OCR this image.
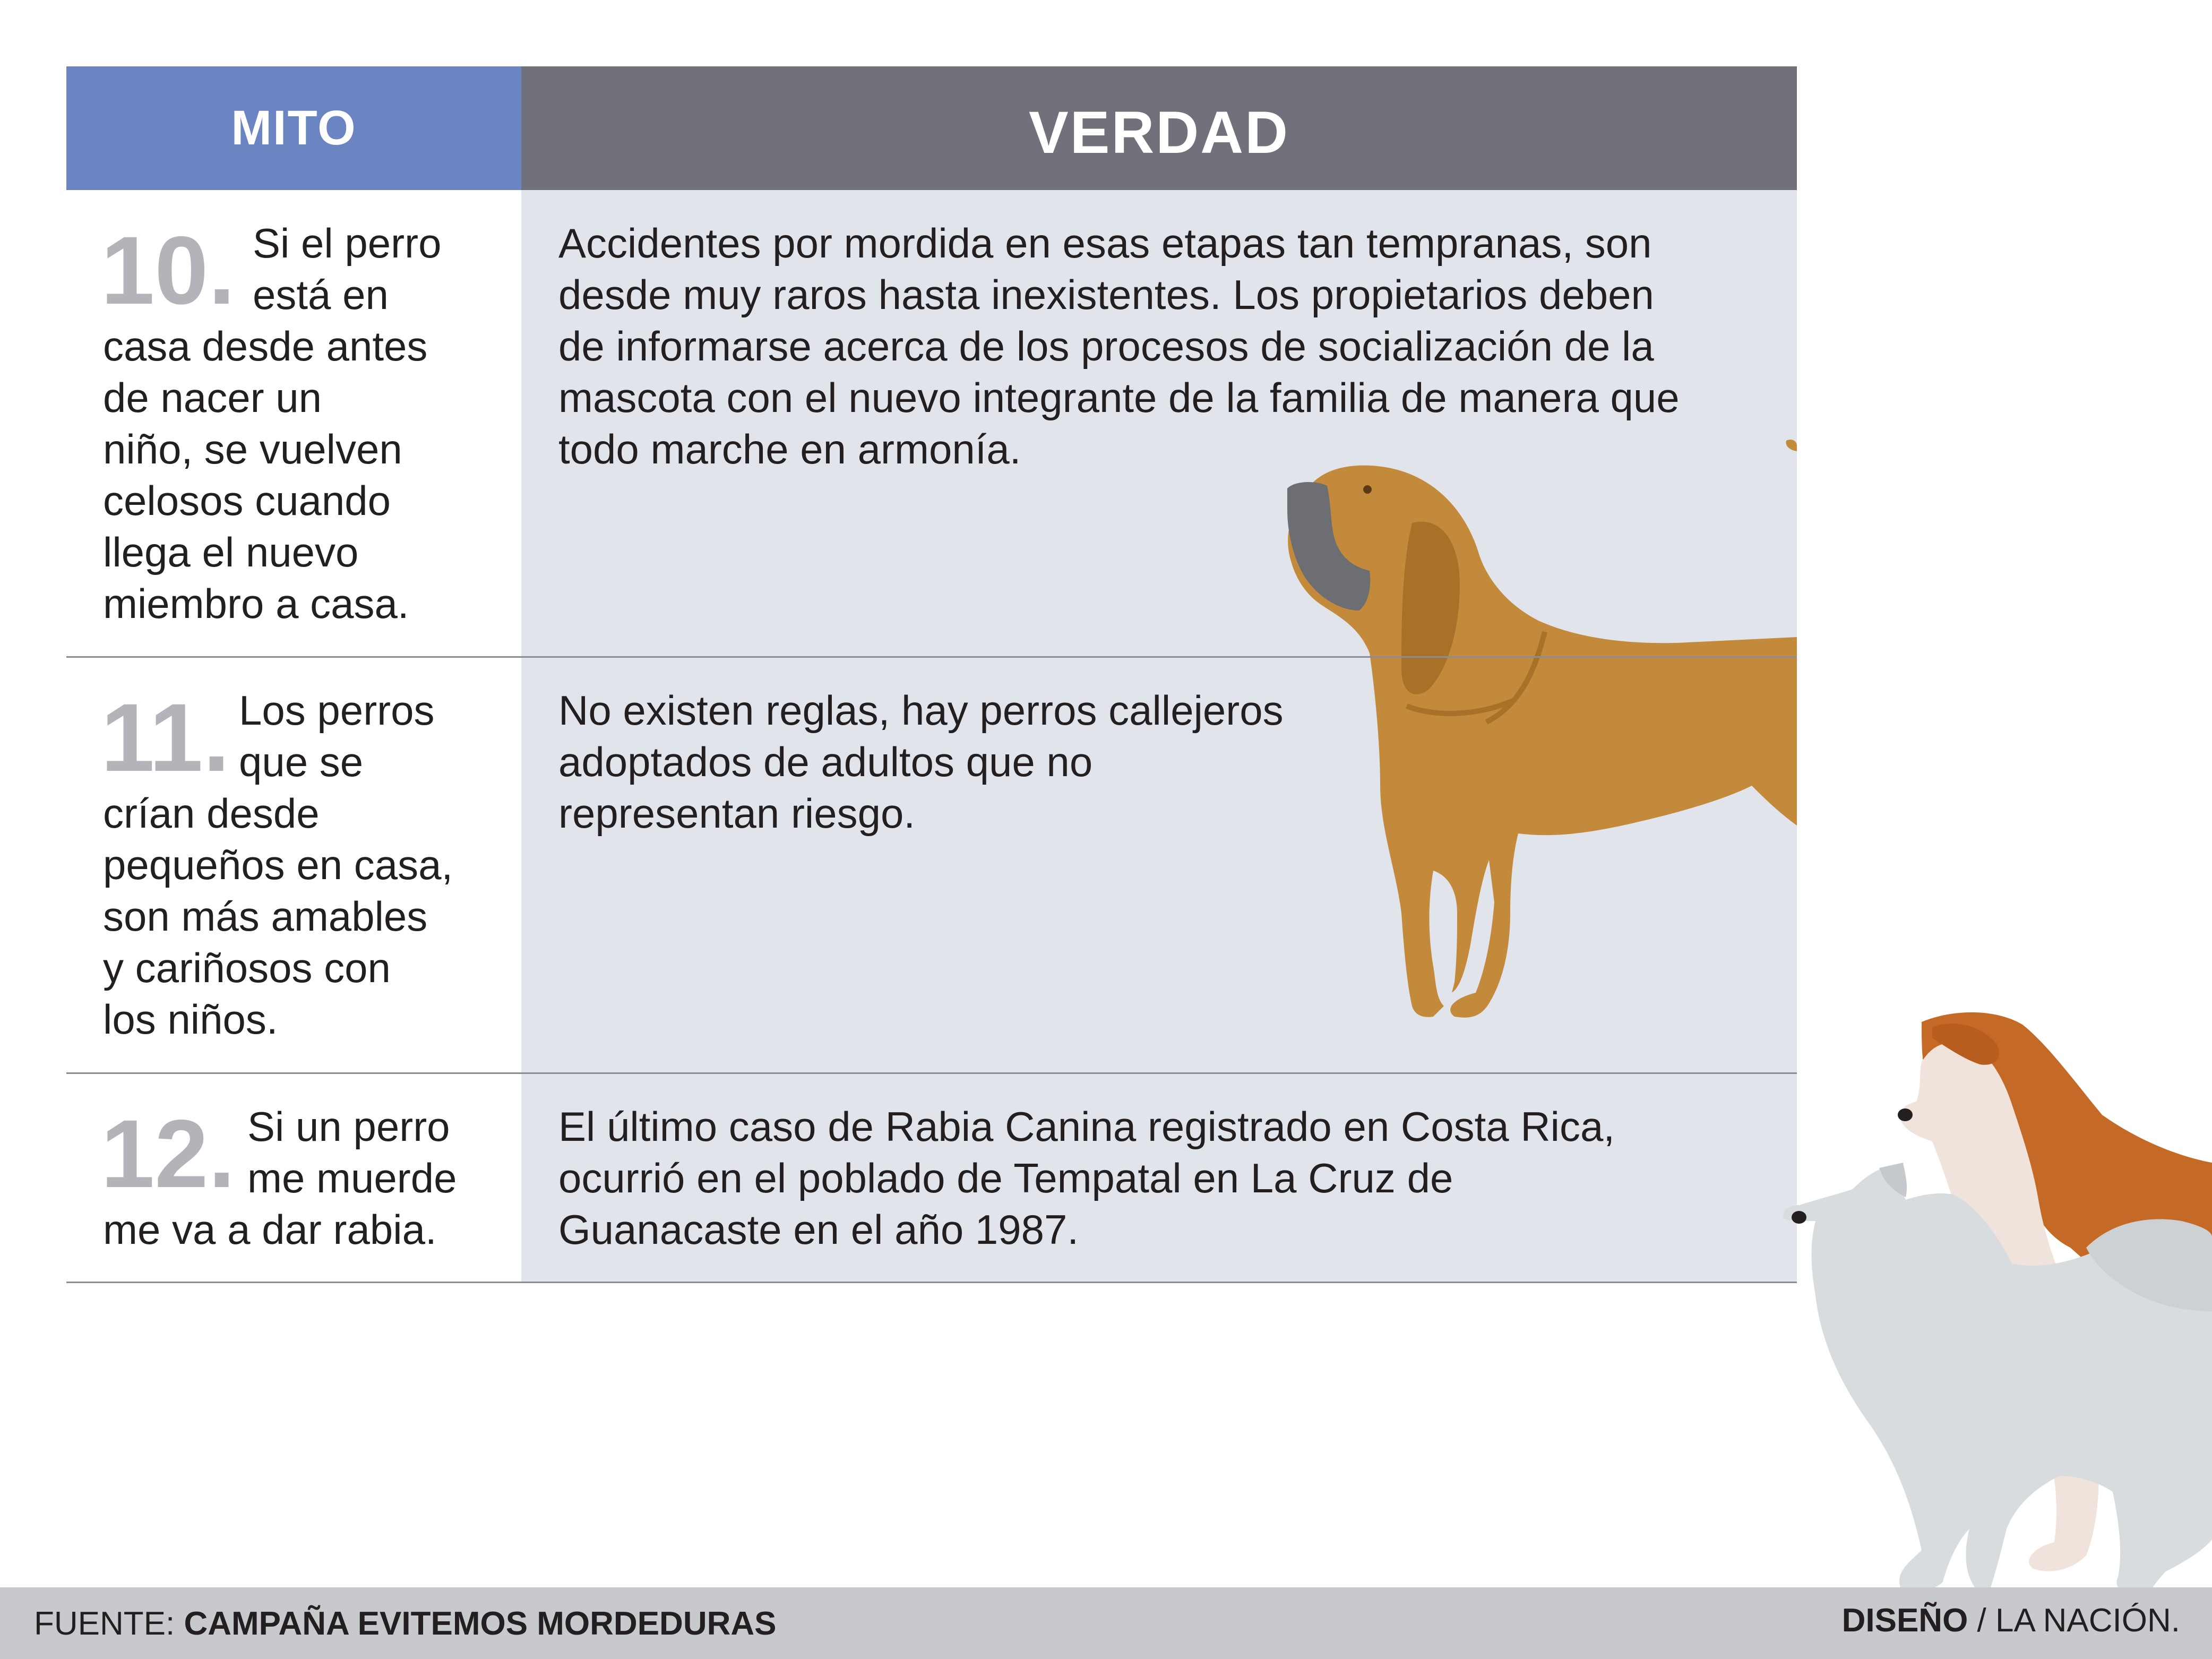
MITO	VERDAD
10. Si el perro
está en
casa desde antes
de nacer un
niño, se vuelven
celosos cuando
llega el nuevo
miembro a casa.
Accidentes por mordida en esas etapas tan tempranas, son
desde muy raros hasta inexistentes. Los propietarios deben
de informarse acerca de los procesos de socialización de la
mascota con el nuevo integrante de la familia de manera que
todo marche en armonía.
11. Los perros
que se
crían desde
pequeños en casa,
son más amables
y cariñosos con
los niños.
No existen reglas, hay perros callejeros
adoptados de adultos que no
representan riesgo.
12. Si un perro
me muerde
me va a dar rabia.
El último caso de Rabia Canina registrado en Costa Rica,
ocurrió en el poblado de Tempatal en La Cruz de
Guanacaste en el año 1987.
FUENTE: CAMPAÑA EVITEMOS MORDEDURAS	DISEÑO / LA NACIÓN.
